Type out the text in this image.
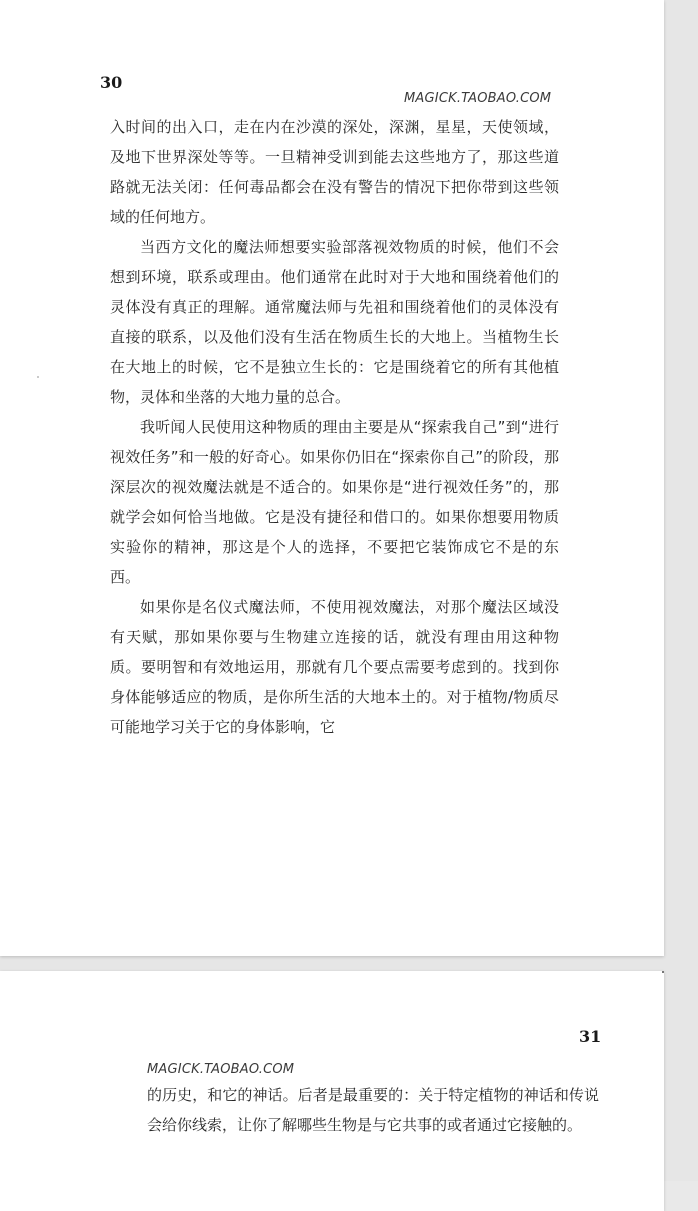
30
MAGICK.TAOBAO.COM

入时间的出入口，走在内在沙漠的深处，深渊，星星，天使领域，及地下世界深处等等。一旦精神受训到能去这些地方了，那这些道路就无法关闭：任何毒品都会在没有警告的情况下把你带到这些领域的任何地方。

当西方文化的魔法师想要实验部落视效物质的时候，他们不会想到环境，联系或理由。他们通常在此时对于大地和围绕着他们的灵体没有真正的理解。通常魔法师与先祖和围绕着他们的灵体没有直接的联系，以及他们没有生活在物质生长的大地上。当植物生长在大地上的时候，它不是独立生长的：它是围绕着它的所有其他植物，灵体和坐落的大地力量的总合。

我听闻人民使用这种物质的理由主要是从“探索我自己”到“进行视效任务”和一般的好奇心。如果你仍旧在“探索你自己”的阶段，那深层次的视效魔法就是不适合的。如果你是“进行视效任务”的，那就学会如何恰当地做。它是没有捷径和借口的。如果你想要用物质实验你的精神，那这是个人的选择，不要把它装饰成它不是的东西。

如果你是名仪式魔法师，不使用视效魔法，对那个魔法区域没有天赋，那如果你要与生物建立连接的话，就没有理由用这种物质。要明智和有效地运用，那就有几个要点需要考虑到的。找到你身体能够适应的物质，是你所生活的大地本土的。对于植物/物质尽可能地学习关于它的身体影响，它

31
MAGICK.TAOBAO.COM

的历史，和它的神话。后者是最重要的：关于特定植物的神话和传说会给你线索，让你了解哪些生物是与它共事的或者通过它接触的。
